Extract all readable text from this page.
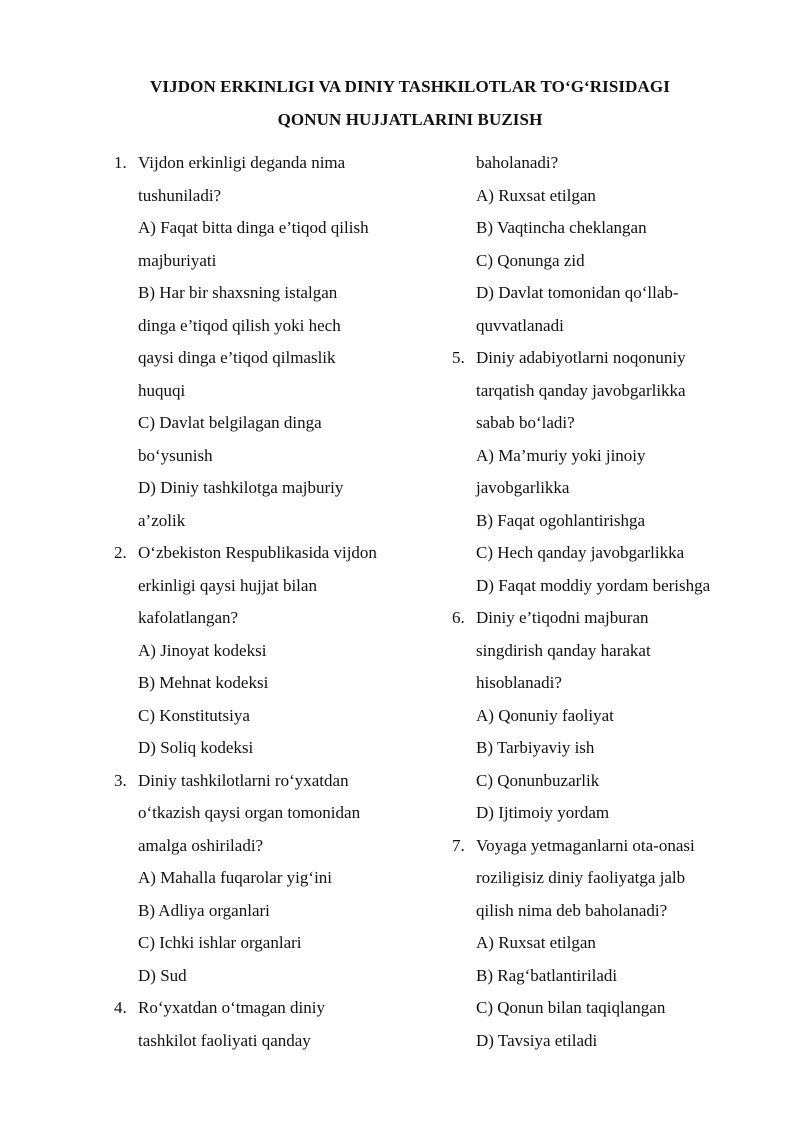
VIJDON ERKINLIGI VA DINIY TASHKILOTLAR TO‘G‘RISIDAGI
QONUN HUJJATLARINI BUZISH
1. Vijdon erkinligi deganda nima
tushuniladi?
A) Faqat bitta dinga e’tiqod qilish
majburiyati
B) Har bir shaxsning istalgan
dinga e’tiqod qilish yoki hech
qaysi dinga e’tiqod qilmaslik
huquqi
C) Davlat belgilagan dinga
bo‘ysunish
D) Diniy tashkilotga majburiy
a’zolik
2. O‘zbekiston Respublikasida vijdon
erkinligi qaysi hujjat bilan
kafolatlangan?
A) Jinoyat kodeksi
B) Mehnat kodeksi
C) Konstitutsiya
D) Soliq kodeksi
3. Diniy tashkilotlarni ro‘yxatdan
o‘tkazish qaysi organ tomonidan
amalga oshiriladi?
A) Mahalla fuqarolar yig‘ini
B) Adliya organlari
C) Ichki ishlar organlari
D) Sud
4. Ro‘yxatdan o‘tmagan diniy
tashkilot faoliyati qanday
baholanadi?
A) Ruxsat etilgan
B) Vaqtincha cheklangan
C) Qonunga zid
D) Davlat tomonidan qo‘llab-
quvvatlanadi
5. Diniy adabiyotlarni noqonuniy
tarqatish qanday javobgarlikka
sabab bo‘ladi?
A) Ma’muriy yoki jinoiy
javobgarlikka
B) Faqat ogohlantirishga
C) Hech qanday javobgarlikka
D) Faqat moddiy yordam berishga
6. Diniy e’tiqodni majburan
singdirish qanday harakat
hisoblanadi?
A) Qonuniy faoliyat
B) Tarbiyaviy ish
C) Qonunbuzarlik
D) Ijtimoiy yordam
7. Voyaga yetmaganlarni ota-onasi
roziligisiz diniy faoliyatga jalb
qilish nima deb baholanadi?
A) Ruxsat etilgan
B) Rag‘batlantiriladi
C) Qonun bilan taqiqlangan
D) Tavsiya etiladi
